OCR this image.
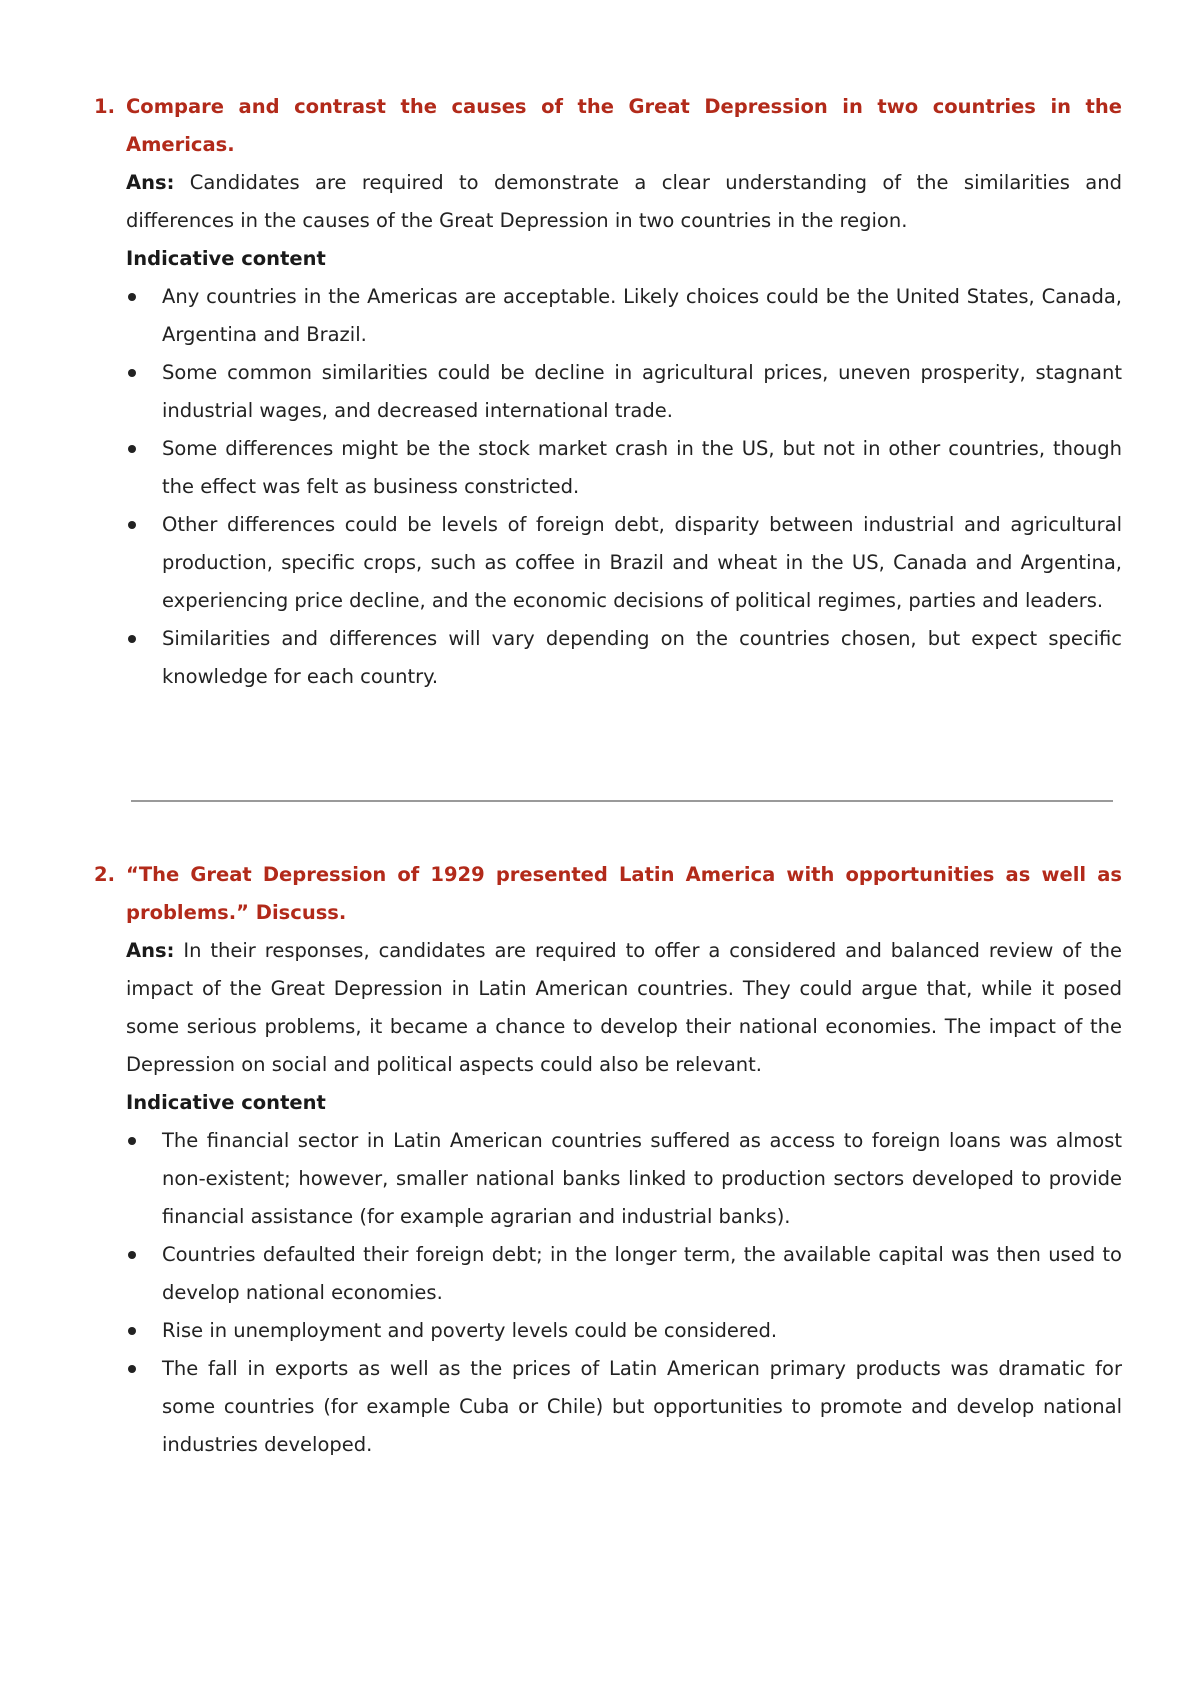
1. Compare and contrast the causes of the Great Depression in two countries in the Americas.

Ans: Candidates are required to demonstrate a clear understanding of the similarities and differences in the causes of the Great Depression in two countries in the region.

Indicative content
Any countries in the Americas are acceptable. Likely choices could be the United States, Canada, Argentina and Brazil.
Some common similarities could be decline in agricultural prices, uneven prosperity, stagnant industrial wages, and decreased international trade.
Some differences might be the stock market crash in the US, but not in other countries, though the effect was felt as business constricted.
Other differences could be levels of foreign debt, disparity between industrial and agricultural production, specific crops, such as coffee in Brazil and wheat in the US, Canada and Argentina, experiencing price decline, and the economic decisions of political regimes, parties and leaders.
Similarities and differences will vary depending on the countries chosen, but expect specific knowledge for each country.
2. “The Great Depression of 1929 presented Latin America with opportunities as well as problems.” Discuss.

Ans: In their responses, candidates are required to offer a considered and balanced review of the impact of the Great Depression in Latin American countries. They could argue that, while it posed some serious problems, it became a chance to develop their national economies. The impact of the Depression on social and political aspects could also be relevant.

Indicative content
The financial sector in Latin American countries suffered as access to foreign loans was almost non-existent; however, smaller national banks linked to production sectors developed to provide financial assistance (for example agrarian and industrial banks).
Countries defaulted their foreign debt; in the longer term, the available capital was then used to develop national economies.
Rise in unemployment and poverty levels could be considered.
The fall in exports as well as the prices of Latin American primary products was dramatic for some countries (for example Cuba or Chile) but opportunities to promote and develop national industries developed.
